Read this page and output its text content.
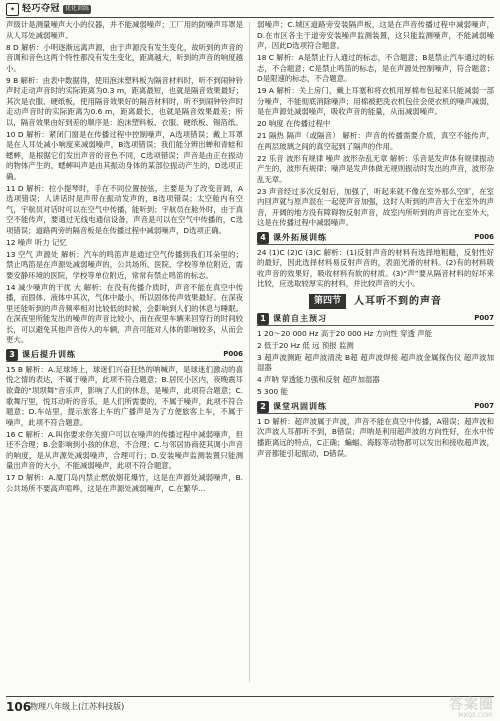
✦ 轻巧夺冠 优化训练

声级计是测量噪声大小的仪器，并不能减弱噪声；工厂用的防噪声耳罩是从人耳处减弱噪声。

8 D 解析：小明逐渐远离声源，由于声源没有发生变化，故听到的声音的音调和音色这两个特性都没有发生变化，距离越大，听到的声音的响度越小。

9 B 解析：由表中数据得，使用泡沫塑料板为隔音材料时，听不到闹钟铃声时走动声音时的实际距离为0.3 m，距离最短，也就是隔音效果最好；其次是衣服、硬纸板，使用隔音效果好的隔音材料时，听不到闹钟铃声时走动声音时的实际距离为0.6 m，距离最长，也就是隔音效果最差；所以，隔音效果由好到差的顺序是：泡沫塑料板、衣服、硬纸板、锡箔纸。

10 D 解析：紧闭门窗是在传播过程中控制噪声，A选项错误；戴上耳罩是在人耳处减小响度来减弱噪声，B选项错误；我们能分辨出蝉和青蛙和蟋蟀，是根据它们发出声音的音色不同，C选项错误；声音是由正在振动的物体产生的，蟋蟀叫声是由其振动身体的某部位振动产生的，D选项正确。

11 D 解析：拉小提琴时，手在不同位置按弦，主要是为了改变音调，A选项错误；人讲话时是声带在振动发声的，B选项错误；太空舱内有空气，宇航员对话时可以在空气中传播，能听到；宇航员在舱外时，由于真空不能传声，要通过无线电通信设备，声音是可以在空气中传播的，C选项错误；道路两旁的隔音板是在传播过程中减弱噪声，D选项正确。

12 噪声 听力 记忆

13 空气 声源处 解析：汽车的鸣笛声是通过空气传播到我们耳朵里的；禁止鸣笛是在声源处减弱噪声的，公共场所、医院、学校等单位附近，需要安静环境的医院，学校等单位附近，常常有禁止鸣笛的标志。

14 减少噪声的干扰 大 解析：在没有传播介质时，声音不能在真空中传播，而固体、液体中其次，气体中最小，所以固体传声效果最好。在深夜里还能听到的声音频率相对比较低的时候，会影响到人们的休息与睡眠。在深夜里所能发出的噪声的声音比较小，而在夜里车辆来回穿行的时间较长，可以避免其他声音传入的车辆，声音可能对人体的影响较多，从而会更大。

3 课后提升训练	P006

15 B 解析：A.足球场上，球迷们兴奋狂热的呐喊声，是球迷们激动的喜悦之情的表达，不属于噪声，此项不符合题意；B.居民小区内，夜晚震耳欲聋的“坝坝舞”音乐声，影响了人们的休息，是噪声，此项符合题意；C.歌舞厅里，悦耳动听的音乐，是人们所需要的，不属于噪声，此项不符合题意；D.车站里，提示旅客上车的广播声是为了方便旅客上车，不属于噪声，此项不符合题意。

16 C 解析：A.叫你要求你关窗户可以在噪声的传播过程中减弱噪声，但还不合理；B.会影响到小孩的休息，不合理；C.与邻居协商使其调小声音的响度，是从声源处减弱噪声，合理可行；D.安装噪声监测装置只能测量出声音的大小，不能减弱噪声，此项不符合题意。

17 D 解析：A.厦门岛内禁止燃放烟花爆竹，这是在声源处减弱噪声，B.公共场所不要高声喧哗，这是在声源处减弱噪声，C.在繁华...

弱噪声；C.城区道路旁安装隔声板，这是在声音传播过程中减弱噪声，D.在市区各主干道旁安装噪声监测装置，这只能监测噪声，不能减弱噪声，因此D选项符合题意。

18 C 解析：A是禁止行人通过的标志，不合题意；B是禁止汽车通过的标志，不合题意；C是禁止鸣笛的标志，是在声源处控制噪声，符合题意；D是限速的标志，不合题意。

19 A 解析：关上房门，戴上耳塞和将衣机用厚棉布包起来只能减弱一部分噪声，不能彻底消除噪声；用棉被把洗衣机包住会使衣机的噪声减弱，是在声源处减弱噪声，吸收声音的能量，从而减弱噪声。

20 响度 在传播过程中

21 隔热 隔声（或隔音） 解析：声音的传播需要介质，真空不能传声，在两层玻璃之间的真空起到了隔声的作用。

22 乐音 波形有规律 噪声 波形杂乱无章 解析：乐音是发声体有规律振动产生的，波形有规律；噪声是发声体做无规则振动时发出的声音，波形杂乱无章。

23 声音经过多次反射后，加强了，听起来就不像在室外那么空旷，在室内回声就与原声混在一起使声音加强，这时人听到的声音大于在室外的声音，开阔的地方没有障碍物反射声音，故室内所听到的声音比在室外大，这是在传播过程中减弱噪声。

4 课外拓展训练	P006

24 (1)C (2)C (3)C 解析：(1)反射声音的材料有选择地粗糙，反射性好的最好，因此选择材料易反射声音的，表面光滑的材料。(2)有的材料吸收声音的效果好，吸收材料有软的材质。(3)“声”要从隔音材料的好坏来比较，应选取较厚实的材料，并比较声音的大小。

第四节	人耳听不到的声音
1 课前自主预习	P007

1 20～20 000 Hz 高于20 000 Hz 方向性 穿透 声能

2 低于20 Hz 低 远 预报 监测

3 超声波测距 超声波清洗 B超 超声波焊接 超声波金属探伤仪 超声波加湿器

4 声呐 穿透能力强和反射 超声加湿器

5 300 能

2 课堂巩固训练	P007

1 D 解析：超声波属于声波，声音不能在真空中传播，A错误；超声波和次声波人耳都听不到，B错误；声呐是利用超声波的方向性好，在水中传播距离远的特点，C正确；蝙蝠、海豚等动物都可以发出和接收超声波，声音都能引起振动，D错误。

106
物理八年级上(江苏科技版)	答案圈
MXQE.COM
